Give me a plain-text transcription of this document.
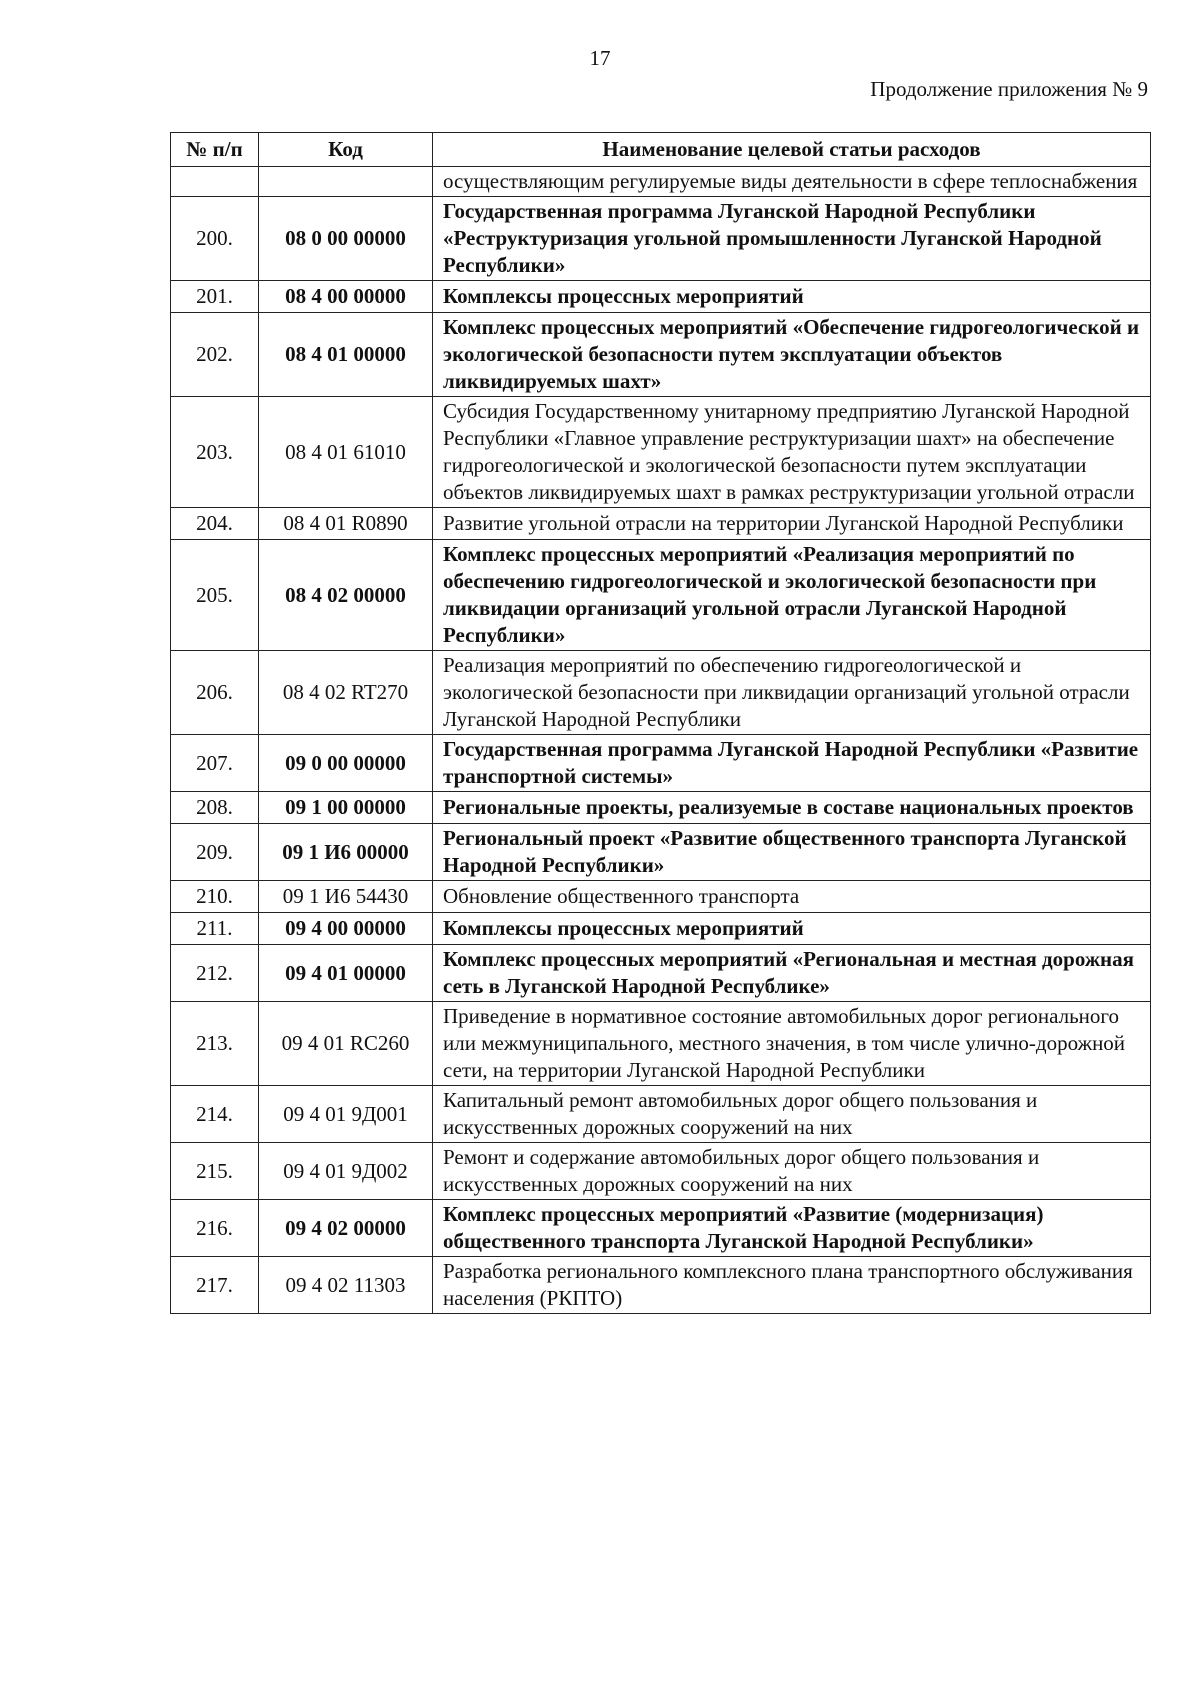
17
Продолжение приложения № 9
№ п/п	Код	Наименование целевой статьи расходов
		осуществляющим регулируемые виды деятельности в сфере теплоснабжения
200.	08 0 00 00000	Государственная программа Луганской Народной Республики «Реструктуризация угольной промышленности Луганской Народной Республики»
201.	08 4 00 00000	Комплексы процессных мероприятий
202.	08 4 01 00000	Комплекс процессных мероприятий «Обеспечение гидрогеологической и экологической безопасности путем эксплуатации объектов ликвидируемых шахт»
203.	08 4 01 61010	Субсидия Государственному унитарному предприятию Луганской Народной Республики «Главное управление реструктуризации шахт» на обеспечение гидрогеологической и экологической безопасности путем эксплуатации объектов ликвидируемых шахт в рамках реструктуризации угольной отрасли
204.	08 4 01 R0890	Развитие угольной отрасли на территории Луганской Народной Республики
205.	08 4 02 00000	Комплекс процессных мероприятий «Реализация мероприятий по обеспечению гидрогеологической и экологической безопасности при ликвидации организаций угольной отрасли Луганской Народной Республики»
206.	08 4 02 RT270	Реализация мероприятий по обеспечению гидрогеологической и экологической безопасности при ликвидации организаций угольной отрасли Луганской Народной Республики
207.	09 0 00 00000	Государственная программа Луганской Народной Республики «Развитие транспортной системы»
208.	09 1 00 00000	Региональные проекты, реализуемые в составе национальных проектов
209.	09 1 И6 00000	Региональный проект «Развитие общественного транспорта Луганской Народной Республики»
210.	09 1 И6 54430	Обновление общественного транспорта
211.	09 4 00 00000	Комплексы процессных мероприятий
212.	09 4 01 00000	Комплекс процессных мероприятий «Региональная и местная дорожная сеть в Луганской Народной Республике»
213.	09 4 01 RC260	Приведение в нормативное состояние автомобильных дорог регионального или межмуниципального, местного значения, в том числе улично-дорожной сети, на территории Луганской Народной Республики
214.	09 4 01 9Д001	Капитальный ремонт автомобильных дорог общего пользования и искусственных дорожных сооружений на них
215.	09 4 01 9Д002	Ремонт и содержание автомобильных дорог общего пользования и искусственных дорожных сооружений на них
216.	09 4 02 00000	Комплекс процессных мероприятий «Развитие (модернизация) общественного транспорта Луганской Народной Республики»
217.	09 4 02 11303	Разработка регионального комплексного плана транспортного обслуживания населения (РКПТО)
